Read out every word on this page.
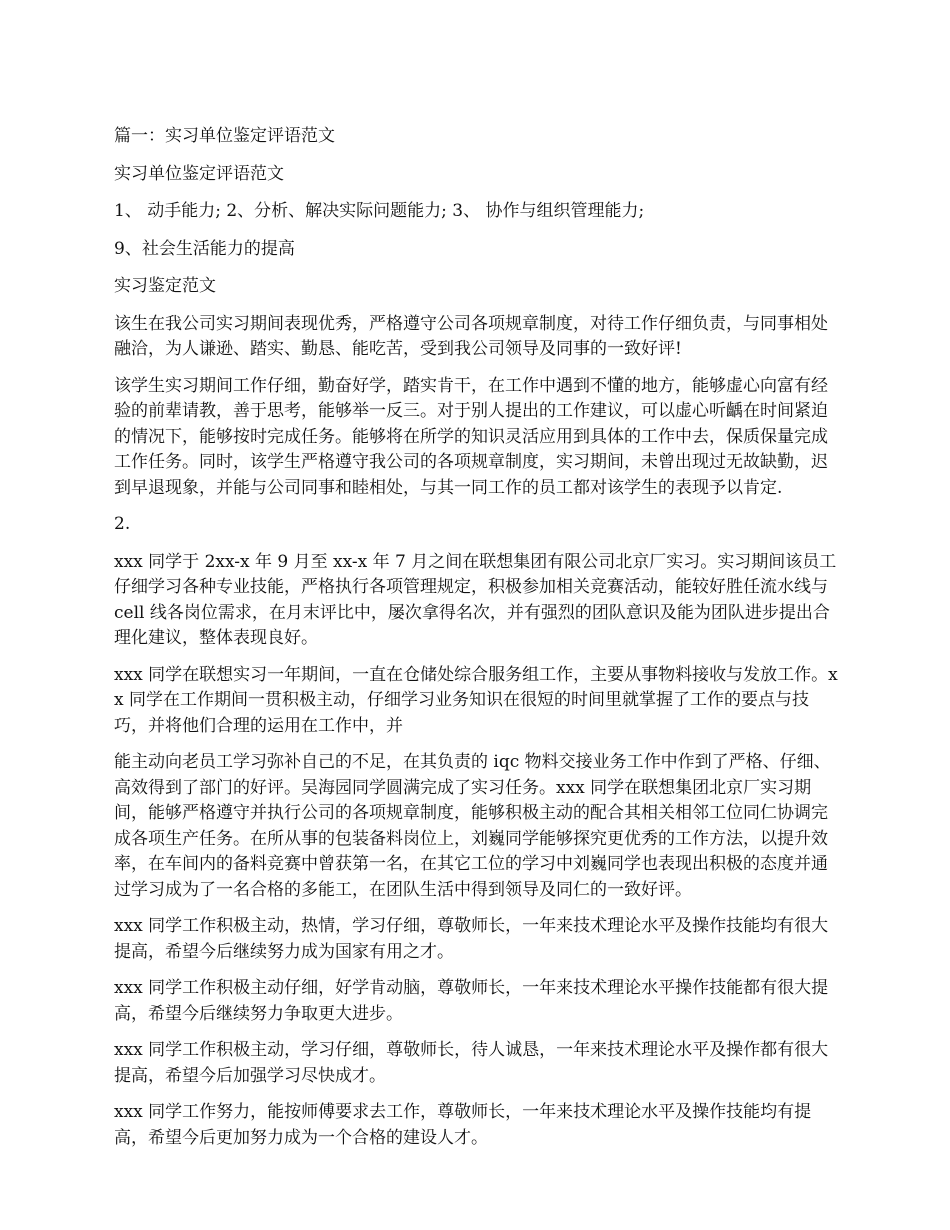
篇一：实习单位鉴定评语范文

实习单位鉴定评语范文

1、 动手能力; 2、分析、解决实际问题能力; 3、 协作与组织管理能力;

9、社会生活能力的提高

实习鉴定范文

该生在我公司实习期间表现优秀，严格遵守公司各项规章制度，对待工作仔细负责，与同事相处融洽，为人谦逊、踏实、勤恳、能吃苦，受到我公司领导及同事的一致好评!

该学生实习期间工作仔细，勤奋好学，踏实肯干，在工作中遇到不懂的地方，能够虚心向富有经验的前辈请教，善于思考，能够举一反三。对于别人提出的工作建议，可以虚心听齲在时间紧迫的情况下，能够按时完成任务。能够将在所学的知识灵活应用到具体的工作中去，保质保量完成工作任务。同时，该学生严格遵守我公司的各项规章制度，实习期间，未曾出现过无故缺勤，迟到早退现象，并能与公司同事和睦相处，与其一同工作的员工都对该学生的表现予以肯定.

2.

xxx 同学于 2xx-x 年 9 月至 xx-x 年 7 月之间在联想集团有限公司北京厂实习。实习期间该员工仔细学习各种专业技能，严格执行各项管理规定，积极参加相关竞赛活动，能较好胜任流水线与 cell 线各岗位需求，在月末评比中，屡次拿得名次，并有强烈的团队意识及能为团队进步提出合理化建议，整体表现良好。

xxx 同学在联想实习一年期间，一直在仓储处综合服务组工作，主要从事物料接收与发放工作。xx 同学在工作期间一贯积极主动，仔细学习业务知识在很短的时间里就掌握了工作的要点与技巧，并将他们合理的运用在工作中，并

能主动向老员工学习弥补自己的不足，在其负责的 iqc 物料交接业务工作中作到了严格、仔细、高效得到了部门的好评。吴海园同学圆满完成了实习任务。xxx 同学在联想集团北京厂实习期间，能够严格遵守并执行公司的各项规章制度，能够积极主动的配合其相关相邻工位同仁协调完成各项生产任务。在所从事的包装备料岗位上，刘巍同学能够探究更优秀的工作方法，以提升效率，在车间内的备料竞赛中曾获第一名，在其它工位的学习中刘巍同学也表现出积极的态度并通过学习成为了一名合格的多能工，在团队生活中得到领导及同仁的一致好评。

xxx 同学工作积极主动，热情，学习仔细，尊敬师长，一年来技术理论水平及操作技能均有很大提高，希望今后继续努力成为国家有用之才。

xxx 同学工作积极主动仔细，好学肯动脑，尊敬师长，一年来技术理论水平操作技能都有很大提高，希望今后继续努力争取更大进步。

xxx 同学工作积极主动，学习仔细，尊敬师长，待人诚恳，一年来技术理论水平及操作都有很大提高，希望今后加强学习尽快成才。

xxx 同学工作努力，能按师傅要求去工作，尊敬师长，一年来技术理论水平及操作技能均有提高，希望今后更加努力成为一个合格的建设人才。
